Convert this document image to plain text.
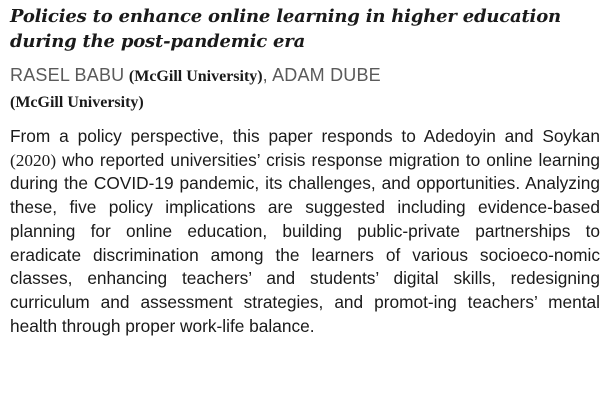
Policies to enhance online learning in higher education during the post-pandemic era
RASEL BABU (McGill University), ADAM DUBE
(McGill University)

From a policy perspective, this paper responds to Adedoyin and Soykan (2020) who reported universities’ crisis response migration to online learning during the COVID-19 pandemic, its challenges, and opportunities. Analyzing these, five policy implications are suggested including evidence-based planning for online education, building public-private partnerships to eradicate discrimination among the learners of various socioeco-nomic classes, enhancing teachers’ and students’ digital skills, redesigning curriculum and assessment strategies, and promot-ing teachers’ mental health through proper work-life balance.
